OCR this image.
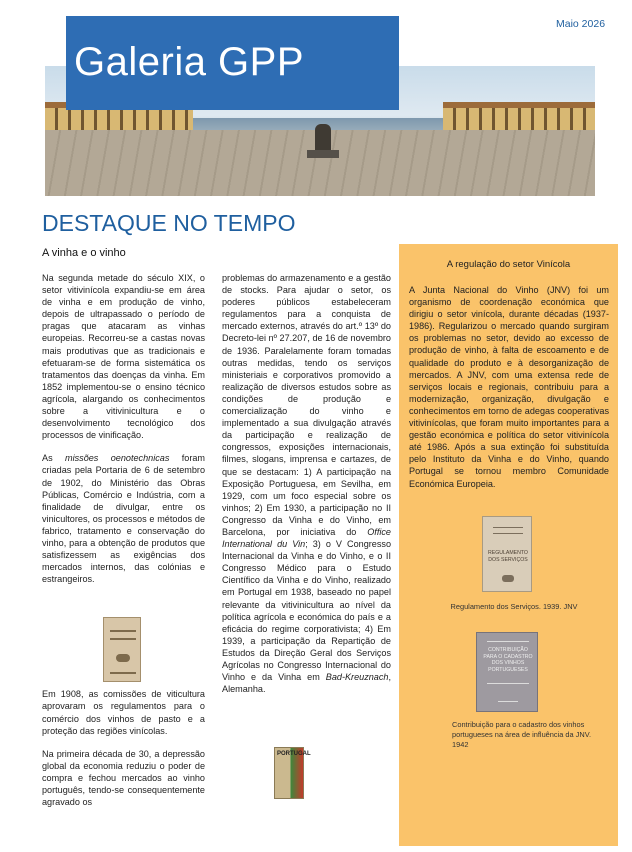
Maio 2026
Galeria GPP
DESTAQUE NO TEMPO
A vinha e o vinho

Na segunda metade do século XIX, o setor vitivinícola expandiu-se em área de vinha e em produção de vinho, depois de ultrapassado o período de pragas que atacaram as vinhas europeias. Recorreu-se a castas novas mais produtivas que as tradicionais e efetuaram-se de forma sistemática os tratamentos das doenças da vinha. Em 1852 implementou-se o ensino técnico agrícola, alargando os conhecimentos sobre a vitivinicultura e o desenvolvimento tecnológico dos processos de vinificação.

As missões oenotechnicas foram criadas pela Portaria de 6 de setembro de 1902, do Ministério das Obras Públicas, Comércio e Indústria, com a finalidade de divulgar, entre os vinicultores, os processos e métodos de fabrico, tratamento e conservação do vinho, para a obtenção de produtos que satisfizessem as exigências dos mercados internos, das colónias e estrangeiros.

Em 1908, as comissões de viticultura aprovaram os regulamentos para o comércio dos vinhos de pasto e a proteção das regiões vinícolas.

Na primeira década de 30, a depressão global da economia reduziu o poder de compra e fechou mercados ao vinho português, tendo-se consequentemente agravado os

problemas do armazenamento e a gestão de stocks. Para ajudar o setor, os poderes públicos estabeleceram regulamentos para a conquista de mercado externos, através do art.º 13º do Decreto-lei nº 27.207, de 16 de novembro de 1936. Paralelamente foram tomadas outras medidas, tendo os serviços ministeriais e corporativos promovido a realização de diversos estudos sobre as condições de produção e comercialização do vinho e implementado a sua divulgação através da participação e realização de congressos, exposições internacionais, filmes, slogans, imprensa e cartazes, de que se destacam: 1) A participação na Exposição Portuguesa, em Sevilha, em 1929, com um foco especial sobre os vinhos; 2) Em 1930, a participação no II Congresso da Vinha e do Vinho, em Barcelona, por iniciativa do Office International du Vin; 3) o V Congresso Internacional da Vinha e do Vinho, e o II Congresso Médico para o Estudo Científico da Vinha e do Vinho, realizado em Portugal em 1938, baseado no papel relevante da vitivinicultura ao nível da política agrícola e económica do país e a eficácia do regime corporativista; 4) Em 1939, a participação da Repartição de Estudos da Direção Geral dos Serviços Agrícolas no Congresso Internacional do Vinho e da Vinha em Bad-Kreuznach, Alemanha.

PORTUGAL
A regulação do setor Vinícola
A Junta Nacional do Vinho (JNV) foi um organismo de coordenação económica que dirigiu o setor vinícola, durante décadas (1937-1986). Regularizou o mercado quando surgiram os problemas no setor, devido ao excesso de produção de vinho, à falta de escoamento e de qualidade do produto e à desorganização de mercados. A JNV, com uma extensa rede de serviços locais e regionais, contribuiu para a modernização, organização, divulgação e conhecimentos em torno de adegas cooperativas vitivinícolas, que foram muito importantes para a gestão económica e política do setor vitivinícola até 1986. Após a sua extinção foi substituída pelo Instituto da Vinha e do Vinho, quando Portugal se tornou membro Comunidade Económica Europeia.
REGULAMENTO DOS SERVIÇOS
Regulamento dos Serviços. 1939. JNV
CONTRIBUIÇÃO PARA O CADASTRO DOS VINHOS PORTUGUESES
Contribuição para o cadastro dos vinhos portugueses na área de influência da JNV. 1942
